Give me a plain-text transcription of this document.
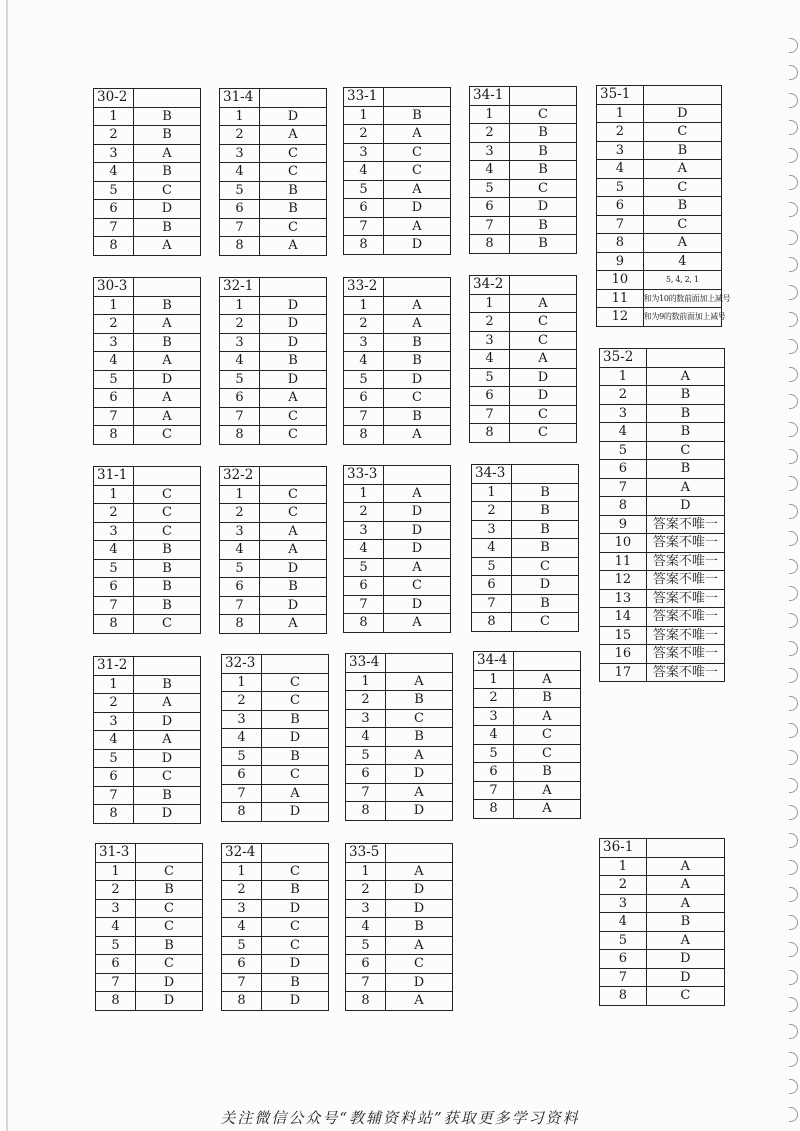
30-2	
1	B
2	B
3	A
4	B
5	C
6	D
7	B
8	A
30-3	
1	B
2	A
3	B
4	A
5	D
6	A
7	A
8	C
31-1	
1	C
2	C
3	C
4	B
5	B
6	B
7	B
8	C
31-2	
1	B
2	A
3	D
4	A
5	D
6	C
7	B
8	D
31-3	
1	C
2	B
3	C
4	C
5	B
6	C
7	D
8	D
31-4	
1	D
2	A
3	C
4	C
5	B
6	B
7	C
8	A
32-1	
1	D
2	D
3	D
4	B
5	D
6	A
7	C
8	C
32-2	
1	C
2	C
3	A
4	A
5	D
6	B
7	D
8	A
32-3	
1	C
2	C
3	B
4	D
5	B
6	C
7	A
8	D
32-4	
1	C
2	B
3	D
4	C
5	C
6	D
7	B
8	D
33-1	
1	B
2	A
3	C
4	C
5	A
6	D
7	A
8	D
33-2	
1	A
2	A
3	B
4	B
5	D
6	C
7	B
8	A
33-3	
1	A
2	D
3	D
4	D
5	A
6	C
7	D
8	A
33-4	
1	A
2	B
3	C
4	B
5	A
6	D
7	A
8	D
33-5	
1	A
2	D
3	D
4	B
5	A
6	C
7	D
8	A
34-1	
1	C
2	B
3	B
4	B
5	C
6	D
7	B
8	B
34-2	
1	A
2	C
3	C
4	A
5	D
6	D
7	C
8	C
34-3	
1	B
2	B
3	B
4	B
5	C
6	D
7	B
8	C
34-4	
1	A
2	B
3	A
4	C
5	C
6	B
7	A
8	A
35-1	
1	D
2	C
3	B
4	A
5	C
6	B
7	C
8	A
9	4
10	5, 4, 2, 1
11	和为10的数前面加上减号
12	和为9的数前面加上减号
35-2	
1	A
2	B
3	B
4	B
5	C
6	B
7	A
8	D
9	答案不唯一
10	答案不唯一
11	答案不唯一
12	答案不唯一
13	答案不唯一
14	答案不唯一
15	答案不唯一
16	答案不唯一
17	答案不唯一
36-1	
1	A
2	A
3	A
4	B
5	A
6	D
7	D
8	C
关注微信公众号“教辅资料站”获取更多学习资料
